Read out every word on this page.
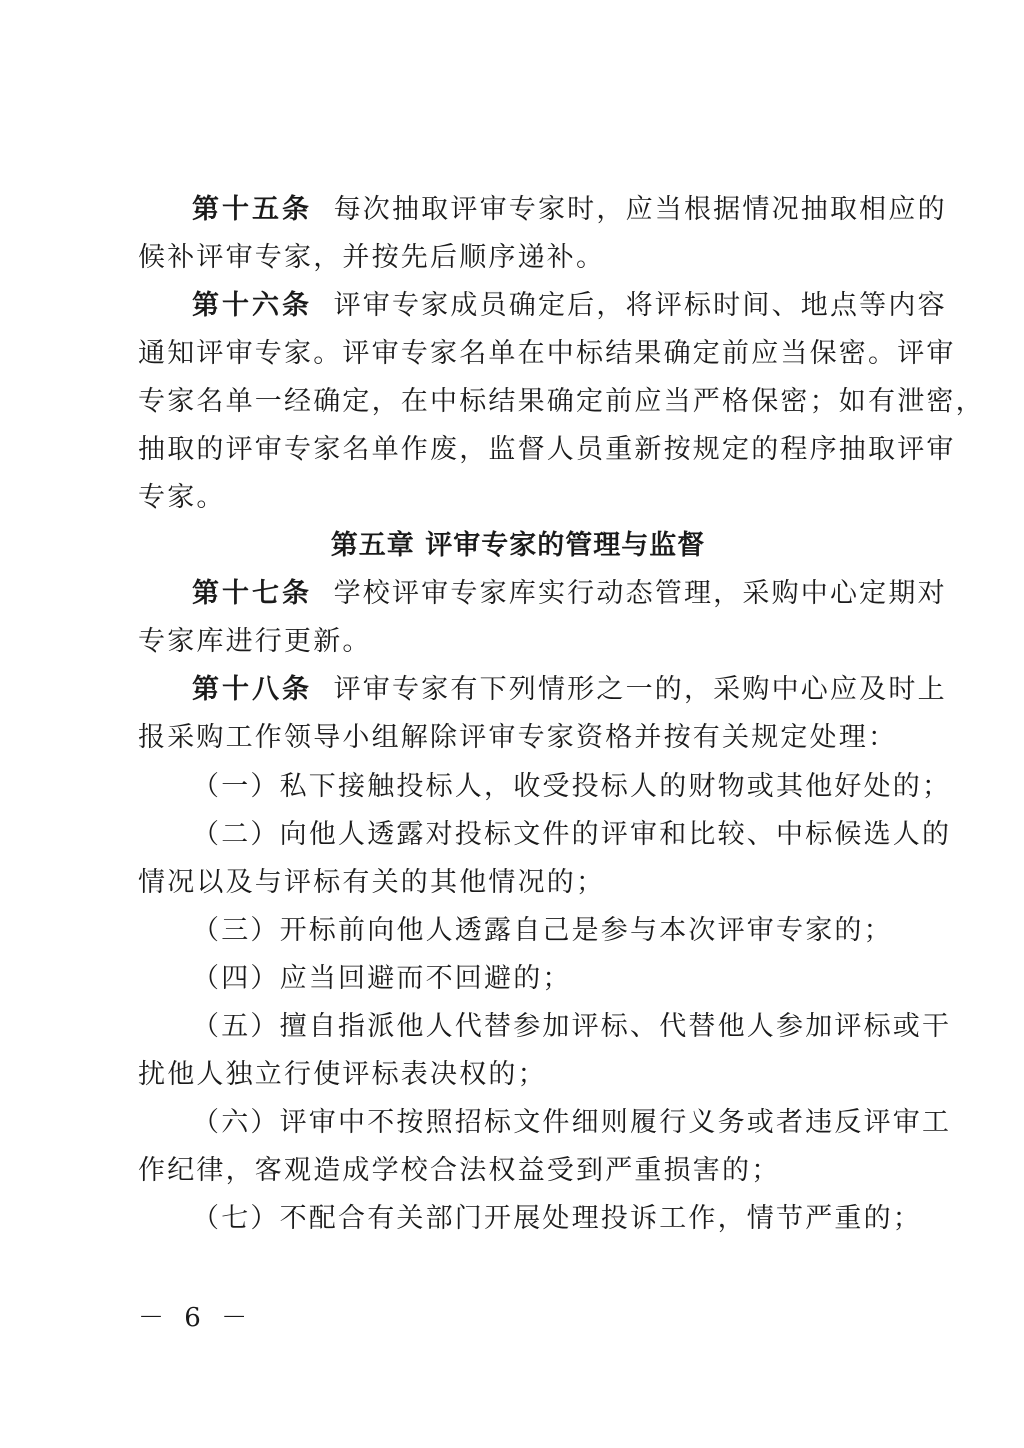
第十五条 每次抽取评审专家时，应当根据情况抽取相应的
候补评审专家，并按先后顺序递补。
第十六条 评审专家成员确定后，将评标时间、地点等内容
通知评审专家。评审专家名单在中标结果确定前应当保密。评审
专家名单一经确定，在中标结果确定前应当严格保密；如有泄密，
抽取的评审专家名单作废，监督人员重新按规定的程序抽取评审
专家。
第五章 评审专家的管理与监督
第十七条 学校评审专家库实行动态管理，采购中心定期对
专家库进行更新。
第十八条 评审专家有下列情形之一的，采购中心应及时上
报采购工作领导小组解除评审专家资格并按有关规定处理：
（一）私下接触投标人，收受投标人的财物或其他好处的；
（二）向他人透露对投标文件的评审和比较、中标候选人的
情况以及与评标有关的其他情况的；
（三）开标前向他人透露自己是参与本次评审专家的；
（四）应当回避而不回避的；
（五）擅自指派他人代替参加评标、代替他人参加评标或干
扰他人独立行使评标表决权的；
（六）评审中不按照招标文件细则履行义务或者违反评审工
作纪律，客观造成学校合法权益受到严重损害的；
（七）不配合有关部门开展处理投诉工作，情节严重的；
－ 6 －
